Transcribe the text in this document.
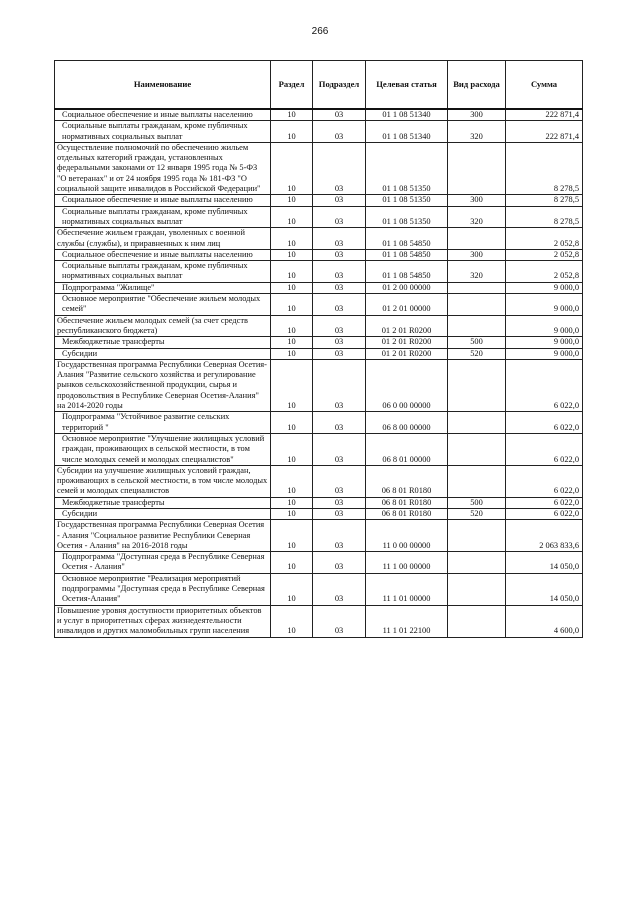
266
Наименование	Раздел	Подраздел	Целевая статья	Вид расхода	Сумма
Социальное обеспечение и иные выплаты населению	10	03	01 1 08 51340	300	222 871,4
Социальные выплаты гражданам, кроме публичных нормативных социальных выплат	10	03	01 1 08 51340	320	222 871,4
Осуществление полномочий по обеспечению жильем отдельных категорий граждан, установленных федеральными законами от 12 января 1995 года № 5-ФЗ "О ветеранах" и от 24 ноября 1995 года № 181-ФЗ "О социальной защите инвалидов в Российской Федерации"	10	03	01 1 08 51350		8 278,5
Социальное обеспечение и иные выплаты населению	10	03	01 1 08 51350	300	8 278,5
Социальные выплаты гражданам, кроме публичных нормативных социальных выплат	10	03	01 1 08 51350	320	8 278,5
Обеспечение жильем граждан, уволенных с военной службы (службы), и приравненных к ним лиц	10	03	01 1 08 54850		2 052,8
Социальное обеспечение и иные выплаты населению	10	03	01 1 08 54850	300	2 052,8
Социальные выплаты гражданам, кроме публичных нормативных социальных выплат	10	03	01 1 08 54850	320	2 052,8
Подпрограмма "Жилище"	10	03	01 2 00 00000		9 000,0
Основное мероприятие "Обеспечение жильем молодых семей"	10	03	01 2 01 00000		9 000,0
Обеспечение жильем молодых семей (за счет средств республиканского бюджета)	10	03	01 2 01 R0200		9 000,0
Межбюджетные трансферты	10	03	01 2 01 R0200	500	9 000,0
Субсидии	10	03	01 2 01 R0200	520	9 000,0
Государственная программа Республики Северная Осетия-Алания "Развитие сельского хозяйства и регулирование рынков сельскохозяйственной продукции, сырья и продовольствия в Республике Северная Осетия-Алания" на 2014-2020 годы	10	03	06 0 00 00000		6 022,0
Подпрограмма "Устойчивое развитие сельских территорий "	10	03	06 8 00 00000		6 022,0
Основное мероприятие "Улучшение жилищных условий граждан, проживающих в сельской местности, в том числе молодых семей и молодых специалистов"	10	03	06 8 01 00000		6 022,0
Субсидии на улучшение жилищных условий граждан, проживающих в сельской местности, в том числе молодых семей и молодых специалистов	10	03	06 8 01 R0180		6 022,0
Межбюджетные трансферты	10	03	06 8 01 R0180	500	6 022,0
Субсидии	10	03	06 8 01 R0180	520	6 022,0
Государственная программа Республики Северная Осетия - Алания "Социальное развитие Республики Северная Осетия - Алания" на 2016-2018 годы	10	03	11 0 00 00000		2 063 833,6
Подпрограмма "Доступная среда в Республике Северная Осетия - Алания"	10	03	11 1 00 00000		14 050,0
Основное мероприятие "Реализация мероприятий подпрограммы "Доступная среда в Республике Северная Осетия-Алания"	10	03	11 1 01 00000		14 050,0
Повышение уровня доступности приоритетных объектов и услуг в приоритетных сферах жизнедеятельности инвалидов и других маломобильных групп населения	10	03	11 1 01 22100		4 600,0
